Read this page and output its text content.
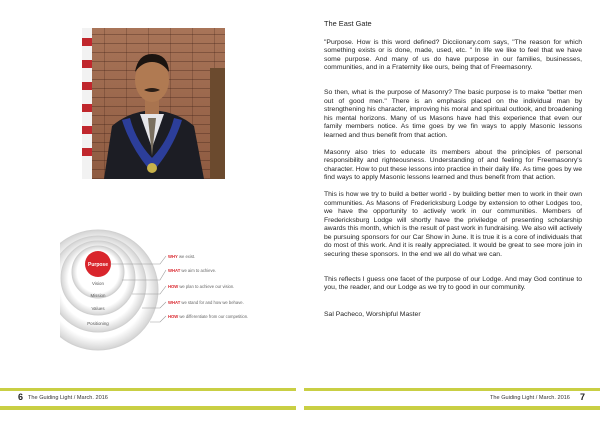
Purpose
Vision
Mission
Values
Positioning
WHY we exist.
WHAT we aim to achieve.
HOW we plan to achieve our vision.
WHAT we stand for and how we behave.
HOW we differentiate from our competition.
The East Gate

"Purpose. How is this word defined? Dicciionary.com says, "The reason for which something exists or is done, made, used, etc. " In life we like to feel that we have some purpose. And many of us do have purpose in our families, businesses, communities, and in a Fraternity like ours, being that of Freemasonry.

So then, what is the purpose of Masonry? The basic purpose is to make "better men out of good men." There is an emphasis placed on the individual man by strengthening his character, improving his moral and spiritual outlook, and broadening his mental horizons. Many of us Masons have had this experience that even our family members notice. As time goes by we fin ways to apply Masonic lessons learned and thus benefit from that action.

Masonry also tries to educate its members about the principles of personal responsibility and righteousness. Understanding of and feeling for Freemasonry's character. How to put these lessons into practice in their daily life. As time goes by we find ways to apply Masonic lessons learned and thus benefit from that action.

This is how we try to build a better world - by building better men to work in their own communities. As Masons of Fredericksburg Lodge by extension to other Lodges too, we have the opportunity to actively work in our communities. Members of Fredericksburg Lodge will shortly have the priviledge of presenting scholarship awards this month, which is the result of past work in fundraising. We also will actively be pursuing sponsors for our Car Show in June. It is true it is a core of individuals that do most of this work. And it is really appreciated. It would be great to see more join in securing these sponsors. In the end we all do what we can.

This reflects I guess one facet of the purpose of our Lodge. And may God continue to you, the reader, and our Lodge as we try to good in our community.

Sal Pacheco, Worshipful Master

6 The Guiding Light / March. 2016	The Guiding Light / March. 2016 7
